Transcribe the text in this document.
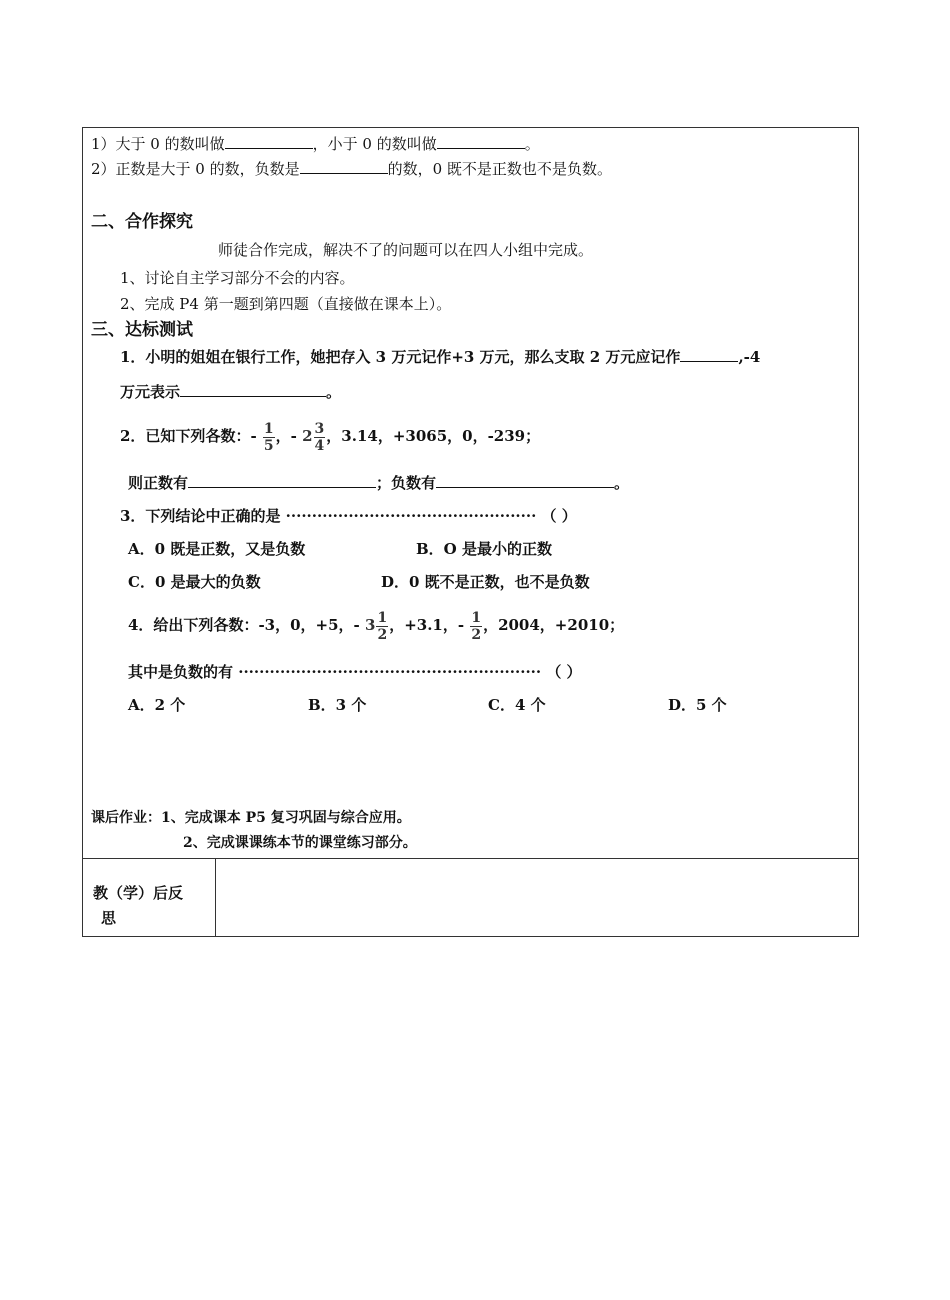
1）大于 0 的数叫做	，小于 0 的数叫做	。
2）正数是大于 0 的数，负数是	的数，0 既不是正数也不是负数。
二、合作探究
师徒合作完成，解决不了的问题可以在四人小组中完成。
1、讨论自主学习部分不会的内容。
2、完成 P4 第一题到第四题（直接做在课本上）。
三、达标测试
1．小明的姐姐在银行工作，她把存入 3 万元记作+3 万元，那么支取 2 万元应记作	,-4
万元表示	。
2．已知下列各数：- $\frac{1}{5}$ ，- $2 \frac{3}{4}$ ，3.14，+3065，0，-239；
则正数有	；负数有	。
3．下列结论中正确的是 ················································ （ ）
A．0 既是正数，又是负数	B．O 是最小的正数
C．0 是最大的负数	D．0 既不是正数，也不是负数
4．给出下列各数：-3，0，+5，- $3 \frac{1}{2}$ ，+3.1，- $\frac{1}{2}$ ，2004，+2010；
其中是负数的有 ·························································· （ ）
A．2 个	B．3 个	C．4 个	D．5 个
课后作业：1、完成课本 P5 复习巩固与综合应用。
2、完成课课练本节的课堂练习部分。
教（学）后反
思
